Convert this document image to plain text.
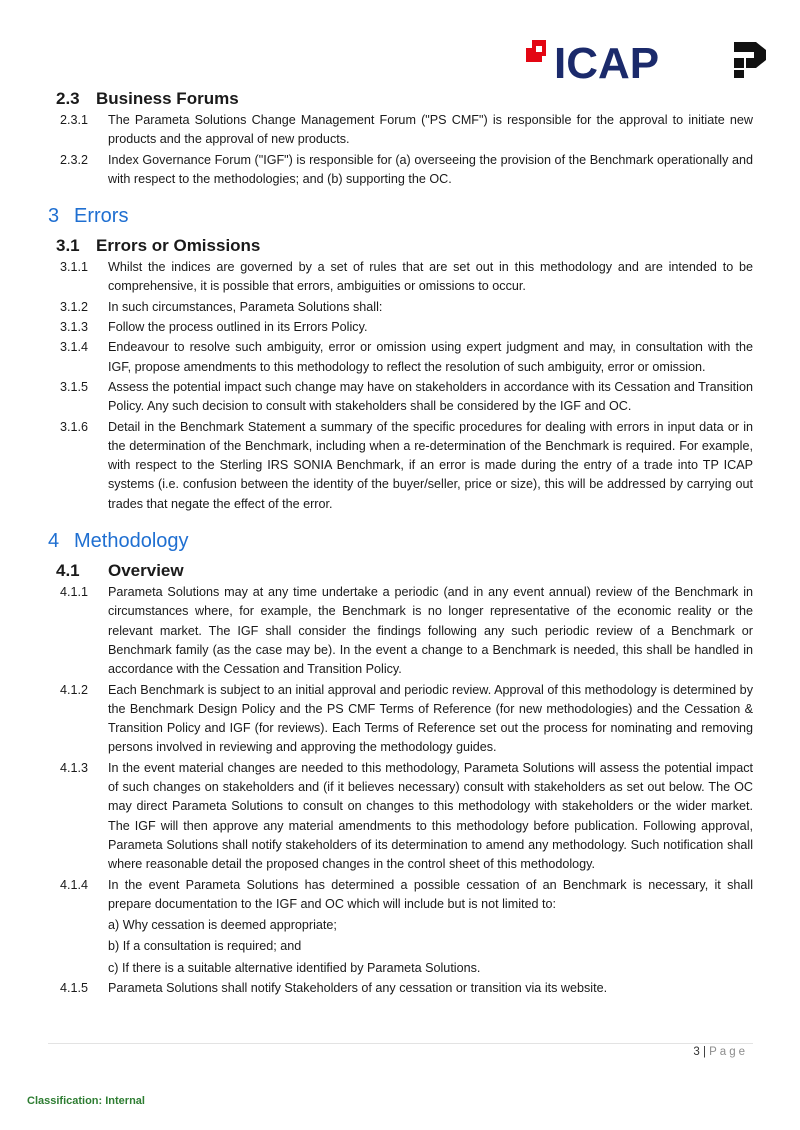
ICAP
2.3 Business Forums
2.3.1	The Parameta Solutions Change Management Forum ("PS CMF") is responsible for the approval to initiate new products and the approval of new products.
2.3.2	Index Governance Forum ("IGF") is responsible for (a) overseeing the provision of the Benchmark operationally and with respect to the methodologies; and (b) supporting the OC.
3 Errors
3.1 Errors or Omissions
3.1.1	Whilst the indices are governed by a set of rules that are set out in this methodology and are intended to be comprehensive, it is possible that errors, ambiguities or omissions to occur.
3.1.2	In such circumstances, Parameta Solutions shall:
3.1.3	Follow the process outlined in its Errors Policy.
3.1.4	Endeavour to resolve such ambiguity, error or omission using expert judgment and may, in consultation with the IGF, propose amendments to this methodology to reflect the resolution of such ambiguity, error or omission.
3.1.5	Assess the potential impact such change may have on stakeholders in accordance with its Cessation and Transition Policy. Any such decision to consult with stakeholders shall be considered by the IGF and OC.
3.1.6	Detail in the Benchmark Statement a summary of the specific procedures for dealing with errors in input data or in the determination of the Benchmark, including when a re-determination of the Benchmark is required. For example, with respect to the Sterling IRS SONIA Benchmark, if an error is made during the entry of a trade into TP ICAP systems (i.e. confusion between the identity of the buyer/seller, price or size), this will be addressed by carrying out trades that negate the effect of the error.
4 Methodology
4.1 Overview
4.1.1	Parameta Solutions may at any time undertake a periodic (and in any event annual) review of the Benchmark in circumstances where, for example, the Benchmark is no longer representative of the economic reality or the relevant market. The IGF shall consider the findings following any such periodic review of a Benchmark or Benchmark family (as the case may be). In the event a change to a Benchmark is needed, this shall be handled in accordance with the Cessation and Transition Policy.
4.1.2	Each Benchmark is subject to an initial approval and periodic review. Approval of this methodology is determined by the Benchmark Design Policy and the PS CMF Terms of Reference (for new methodologies) and the Cessation & Transition Policy and IGF (for reviews). Each Terms of Reference set out the process for nominating and removing persons involved in reviewing and approving the methodology guides.
4.1.3	In the event material changes are needed to this methodology, Parameta Solutions will assess the potential impact of such changes on stakeholders and (if it believes necessary) consult with stakeholders as set out below. The OC may direct Parameta Solutions to consult on changes to this methodology with stakeholders or the wider market. The IGF will then approve any material amendments to this methodology before publication. Following approval, Parameta Solutions shall notify stakeholders of its determination to amend any methodology. Such notification shall where reasonable detail the proposed changes in the control sheet of this methodology.
4.1.4	In the event Parameta Solutions has determined a possible cessation of an Benchmark is necessary, it shall prepare documentation to the IGF and OC which will include but is not limited to:
a) Why cessation is deemed appropriate;
b) If a consultation is required; and
c) If there is a suitable alternative identified by Parameta Solutions.
4.1.5	Parameta Solutions shall notify Stakeholders of any cessation or transition via its website.
3 | Page
Classification: Internal
